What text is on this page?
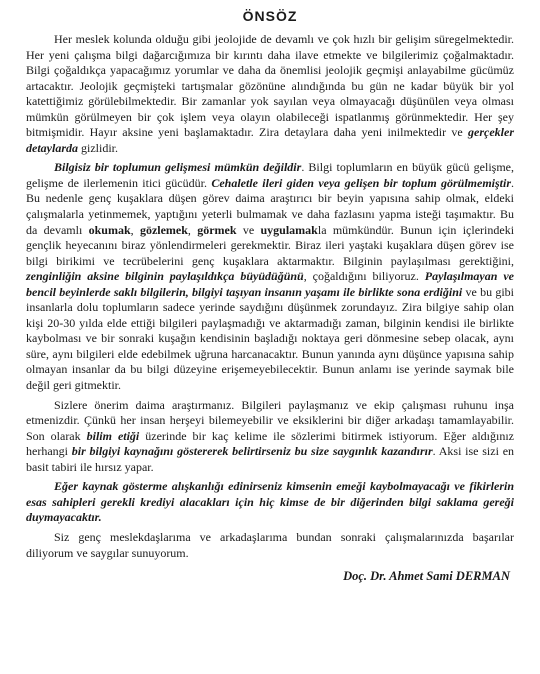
ÖNSÖZ

Her meslek kolunda olduğu gibi jeolojide de devamlı ve çok hızlı bir gelişim süregelmektedir. Her yeni çalışma bilgi dağarcığımıza bir kırıntı daha ilave etmekte ve bilgilerimiz çoğalmaktadır. Bilgi çoğaldıkça yapacağımız yorumlar ve daha da önemlisi jeolojik geçmişi anlayabilme gücümüz artacaktır. Jeolojik geçmişteki tartışmalar gözönüne alındığında bu gün ne kadar büyük bir yol katettiğimiz görülebilmektedir. Bir zamanlar yok sayılan veya olmayacağı düşünülen veya olması mümkün görülmeyen bir çok işlem veya olayın olabileceği ispatlanmış görünmektedir. Her şey bitmişmidir. Hayır aksine yeni başlamaktadır. Zira detaylara daha yeni inilmektedir ve gerçekler detaylarda gizlidir.

Bilgisiz bir toplumun gelişmesi mümkün değildir. Bilgi toplumların en büyük gücü gelişme, gelişme de ilerlemenin itici gücüdür. Cehaletle ileri giden veya gelişen bir toplum görülmemiştir. Bu nedenle genç kuşaklara düşen görev daima araştırıcı bir beyin yapısına sahip olmak, eldeki çalışmalarla yetinmemek, yaptığını yeterli bulmamak ve daha fazlasını yapma isteği taşımaktır. Bu da devamlı okumak, gözlemek, görmek ve uygulamakla mümkündür. Bunun için içlerindeki gençlik heyecanını biraz yönlendirmeleri gerekmektir. Biraz ileri yaştaki kuşaklara düşen görev ise bilgi birikimi ve tecrübelerini genç kuşaklara aktarmaktır. Bilginin paylaşılması gerektiğini, zenginliğin aksine bilginin paylaşıldıkça büyüdüğünü, çoğaldığını biliyoruz. Paylaşılmayan ve bencil beyinlerde saklı bilgilerin, bilgiyi taşıyan insanın yaşamı ile birlikte sona erdiğini ve bu gibi insanlarla dolu toplumların sadece yerinde saydığını düşünmek zorundayız. Zira bilgiye sahip olan kişi 20-30 yılda elde ettiği bilgileri paylaşmadığı ve aktarmadığı zaman, bilginin kendisi ile birlikte kaybolması ve bir sonraki kuşağın kendisinin başladığı noktaya geri dönmesine sebep olacak, aynı süre, aynı bilgileri elde edebilmek uğruna harcanacaktır. Bunun yanında aynı düşünce yapısına sahip olmayan insanlar da bu bilgi düzeyine erişemeyebilecektir. Bunun anlamı ise yerinde saymak bile değil geri gitmektir.

Sizlere önerim daima araştırmanız. Bilgileri paylaşmanız ve ekip çalışması ruhunu inşa etmenizdir. Çünkü her insan herşeyi bilemeyebilir ve eksiklerini bir diğer arkadaşı tamamlayabilir. Son olarak bilim etiği üzerinde bir kaç kelime ile sözlerimi bitirmek istiyorum. Eğer aldığınız herhangi bir bilgiyi kaynağını göstererek belirtirseniz bu size saygınlık kazandırır. Aksi ise sizi en basit tabiri ile hırsız yapar.

Eğer kaynak gösterme alışkanlığı edinirseniz kimsenin emeği kaybolmayacağı ve fikirlerin esas sahipleri gerekli krediyi alacakları için hiç kimse de bir diğerinden bilgi saklama gereği duymayacaktır.

Siz genç meslekdaşlarıma ve arkadaşlarıma bundan sonraki çalışmalarınızda başarılar diliyorum ve saygılar sunuyorum.

Doç. Dr. Ahmet Sami DERMAN
